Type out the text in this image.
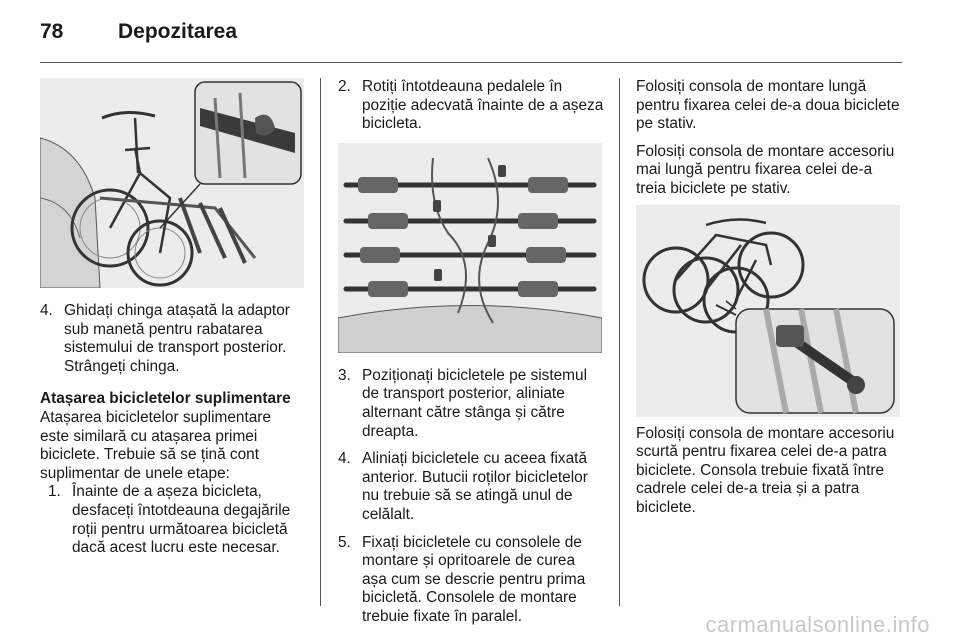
78	Depozitarea
4. Ghidați chinga atașată la adaptor sub manetă pentru rabatarea sistemului de transport posterior. Strângeți chinga.

Atașarea bicicletelor suplimentare

Atașarea bicicletelor suplimentare este similară cu atașarea primei biciclete. Trebuie să se țină cont suplimentar de unele etape:

1. Înainte de a așeza bicicleta, desfaceți întotdeauna degajările roții pentru următoarea bicicletă dacă acest lucru este necesar.
2. Rotiți întotdeauna pedalele în poziție adecvată înainte de a așeza bicicleta.
3. Poziționați bicicletele pe sistemul de transport posterior, aliniate alternant către stânga și către dreapta.
4. Aliniați bicicletele cu aceea fixată anterior. Butucii roților bicicletelor nu trebuie să se atingă unul de celălalt.
5. Fixați bicicletele cu consolele de montare și opritoarele de curea așa cum se descrie pentru prima bicicletă. Consolele de montare trebuie fixate în paralel.

Folosiți consola de montare lungă pentru fixarea celei de-a doua biciclete pe stativ.

Folosiți consola de montare accesoriu mai lungă pentru fixarea celei de-a treia biciclete pe stativ.

Folosiți consola de montare accesoriu scurtă pentru fixarea celei de-a patra biciclete. Consola trebuie fixată între cadrele celei de-a treia și a patra biciclete.

carmanualsonline.info
